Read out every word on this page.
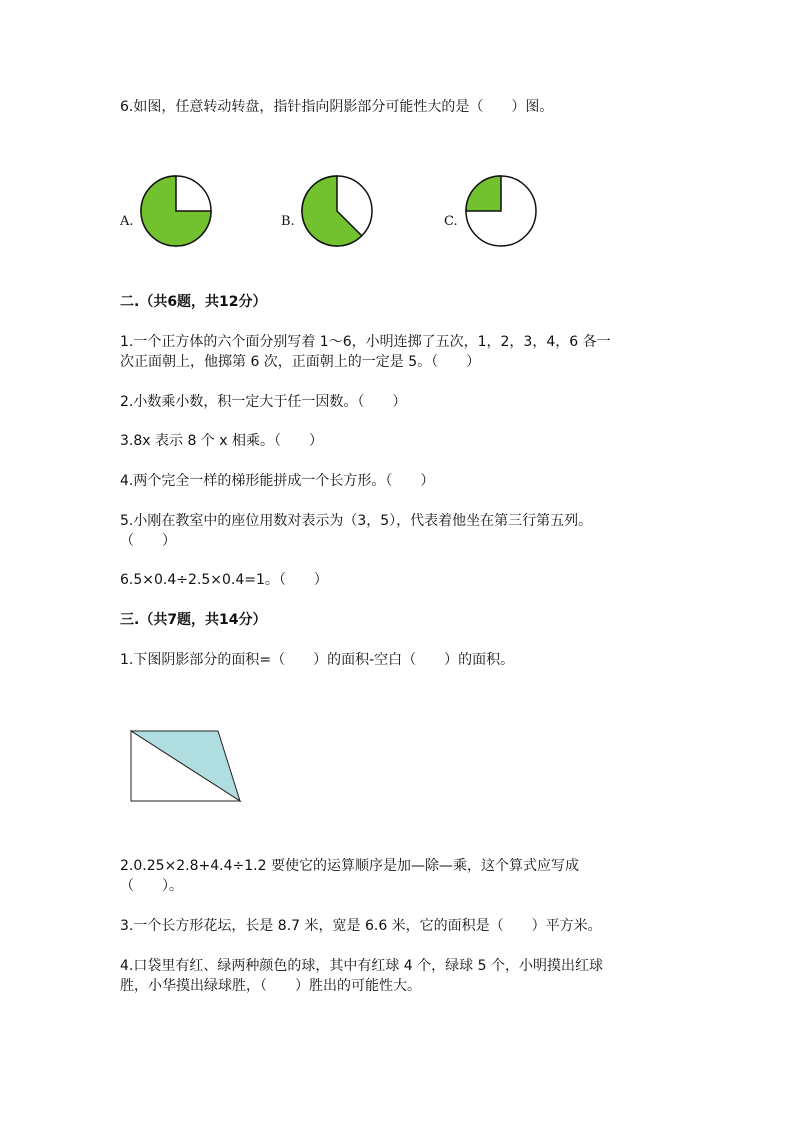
6.如图，任意转动转盘，指针指向阴影部分可能性大的是（　　）图。
A.	B.	C.
二.（共6题，共12分）
1.一个正方体的六个面分别写着 1～6，小明连掷了五次，1，2，3，4，6 各一
次正面朝上，他掷第 6 次，正面朝上的一定是 5。（　　）
2.小数乘小数，积一定大于任一因数。（　　）
3.8x 表示 8 个 x 相乘。（　　）
4.两个完全一样的梯形能拼成一个长方形。（　　）
5.小刚在教室中的座位用数对表示为（3，5），代表着他坐在第三行第五列。
（　　）
6.5×0.4÷2.5×0.4=1。（　　）
三.（共7题，共14分）
1.下图阴影部分的面积=（　　）的面积-空白（　　）的面积。
2.0.25×2.8+4.4÷1.2 要使它的运算顺序是加—除—乘，这个算式应写成
（　　）。
3.一个长方形花坛，长是 8.7 米，宽是 6.6 米，它的面积是（　　）平方米。
4.口袋里有红、绿两种颜色的球，其中有红球 4 个，绿球 5 个，小明摸出红球
胜，小华摸出绿球胜，（　　）胜出的可能性大。
